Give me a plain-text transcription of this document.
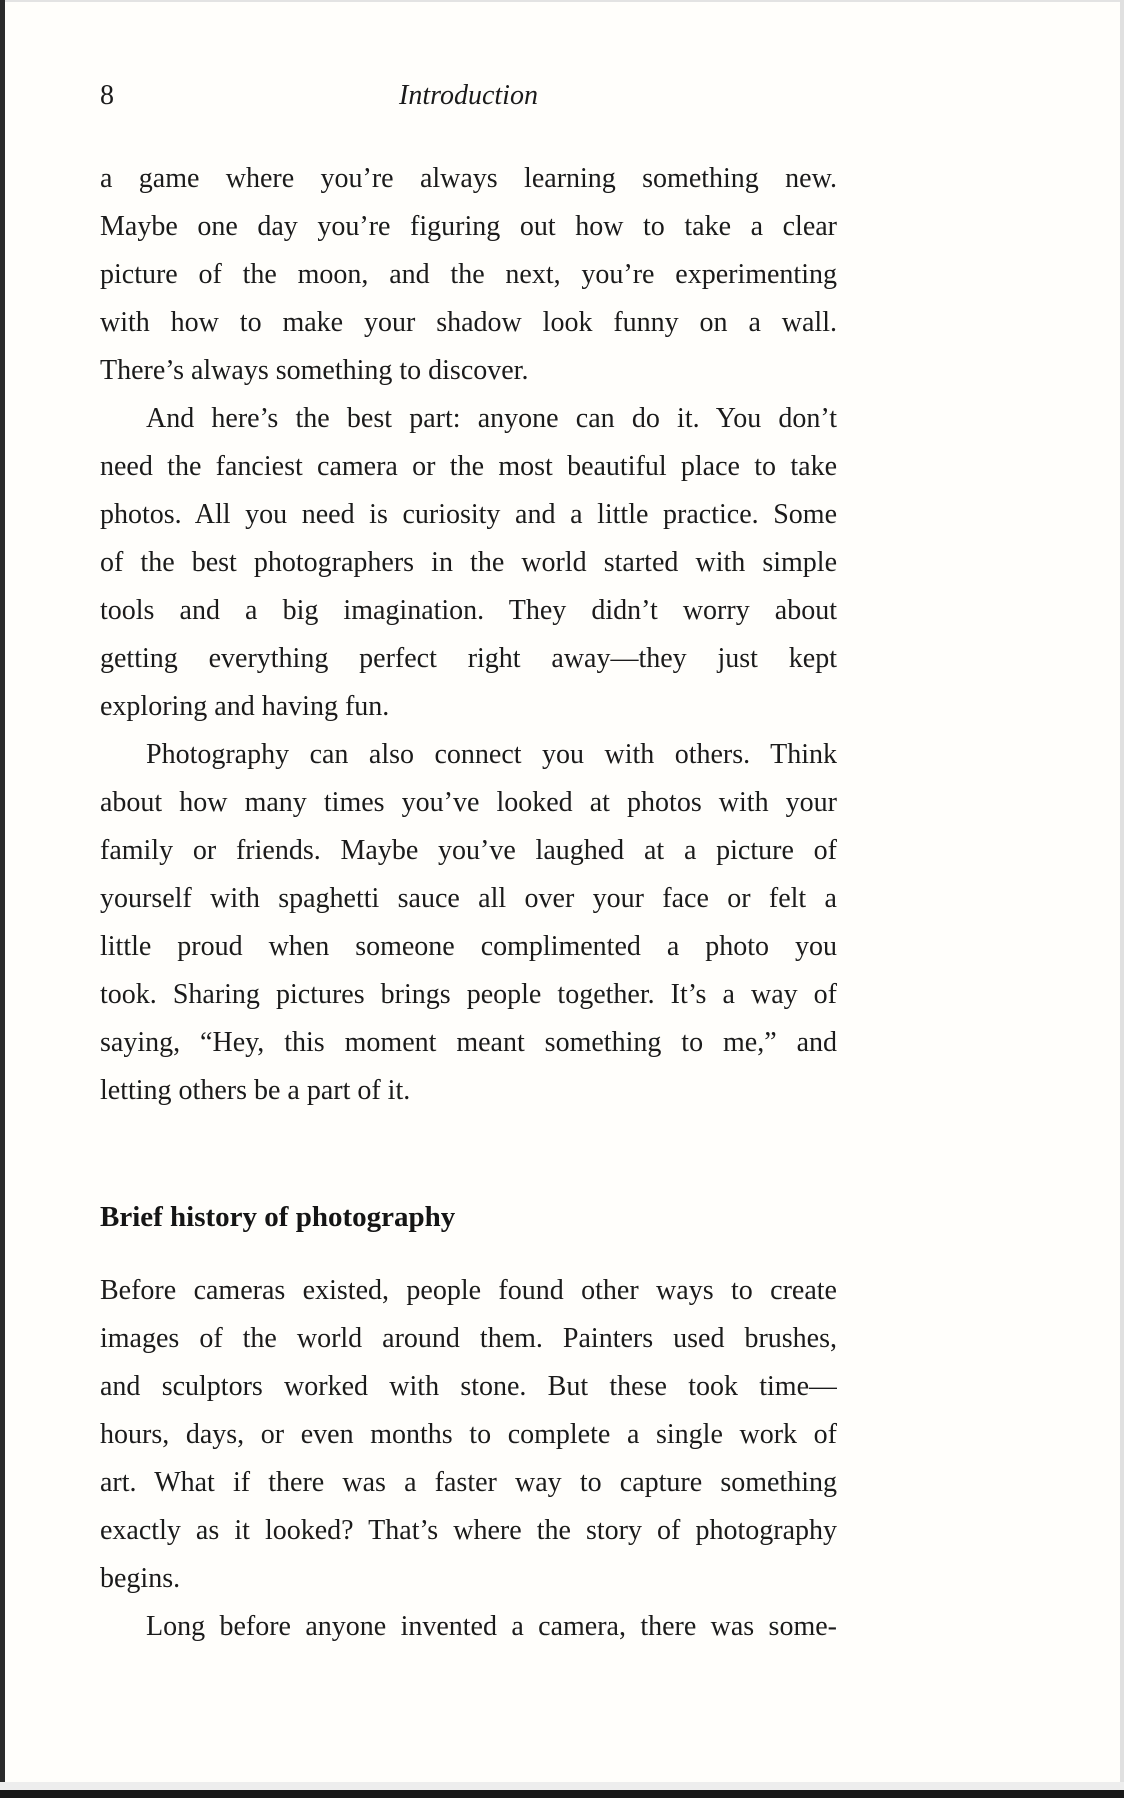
8	Introduction
a game where you’re always learning something new.
Maybe one day you’re figuring out how to take a clear
picture of the moon, and the next, you’re experimenting
with how to make your shadow look funny on a wall.
There’s always something to discover.
And here’s the best part: anyone can do it. You don’t
need the fanciest camera or the most beautiful place to take
photos. All you need is curiosity and a little practice. Some
of the best photographers in the world started with simple
tools and a big imagination. They didn’t worry about
getting everything perfect right away—they just kept
exploring and having fun.
Photography can also connect you with others. Think
about how many times you’ve looked at photos with your
family or friends. Maybe you’ve laughed at a picture of
yourself with spaghetti sauce all over your face or felt a
little proud when someone complimented a photo you
took. Sharing pictures brings people together. It’s a way of
saying, “Hey, this moment meant something to me,” and
letting others be a part of it.
Brief history of photography
Before cameras existed, people found other ways to create
images of the world around them. Painters used brushes,
and sculptors worked with stone. But these took time—
hours, days, or even months to complete a single work of
art. What if there was a faster way to capture something
exactly as it looked? That’s where the story of photography
begins.
Long before anyone invented a camera, there was some-
